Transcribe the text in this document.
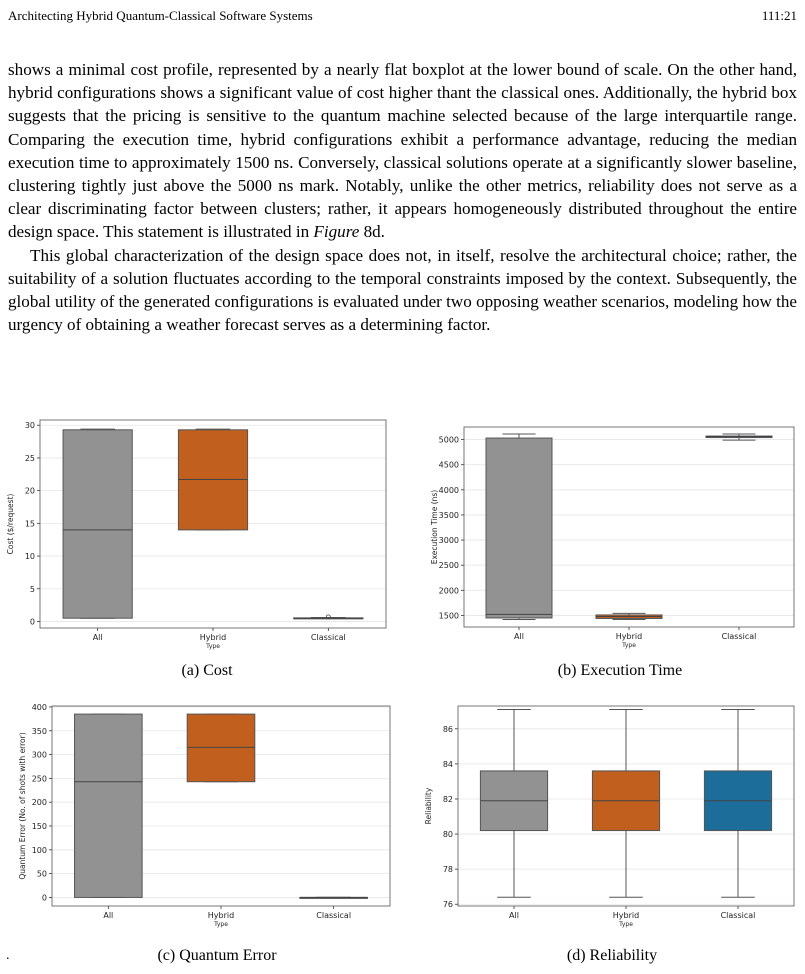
Architecting Hybrid Quantum-Classical Software Systems	111:21

shows a minimal cost profile, represented by a nearly flat boxplot at the lower bound of scale. On the other hand, hybrid configurations shows a significant value of cost higher thant the classical ones. Additionally, the hybrid box suggests that the pricing is sensitive to the quantum machine selected because of the large interquartile range. Comparing the execution time, hybrid configurations exhibit a performance advantage, reducing the median execution time to approximately 1500 ns. Conversely, classical solutions operate at a significantly slower baseline, clustering tightly just above the 5000 ns mark. Notably, unlike the other metrics, reliability does not serve as a clear discriminating factor between clusters; rather, it appears homogeneously distributed throughout the entire design space. This statement is illustrated in Figure 8d.

This global characterization of the design space does not, in itself, resolve the architectural choice; rather, the suitability of a solution fluctuates according to the temporal constraints imposed by the context. Subsequently, the global utility of the generated configurations is evaluated under two opposing weather scenarios, modeling how the urgency of obtaining a weather forecast serves as a determining factor.

0
5
10
15
20
25
30
All	Hybrid	Classical
Type
Cost ($/request)
(a) Cost
1500
2000
2500
3000
3500
4000
4500
5000
All	Hybrid	Classical
Type
Execution Time (ns)
(b) Execution Time
0
50
100
150
200
250
300
350
400
All	Hybrid	Classical
Type
Quantum Error (No. of shots with error)
(c) Quantum Error
76
78
80
82
84
86
All	Hybrid	Classical
Type
Reliability
(d) Reliability
.
